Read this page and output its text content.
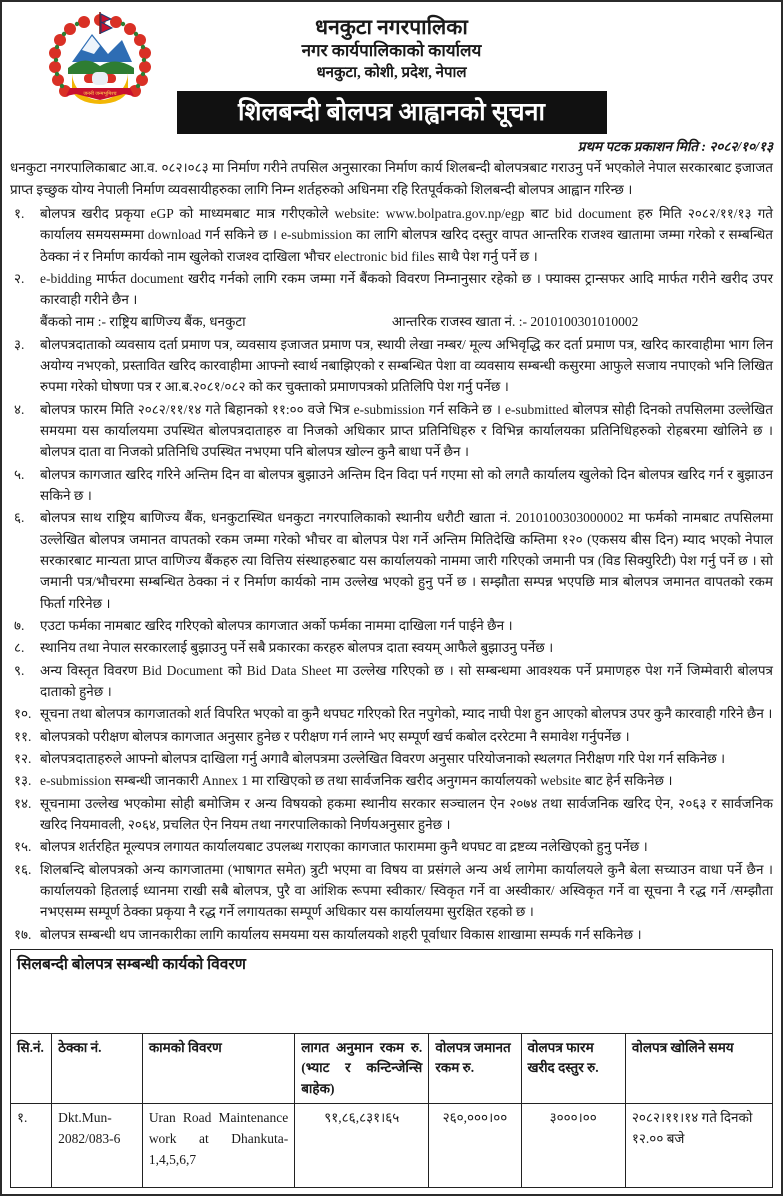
जननी जन्मभूमिश्च
धनकुटा नगरपालिका
नगर कार्यपालिकाको कार्यालय
धनकुटा, कोशी, प्रदेश, नेपाल
शिलबन्दी बोलपत्र आह्वानको सूचना
प्रथम पटक प्रकाशन मिति : २०८२/१०/१३
धनकुटा नगरपालिकाबाट आ.व. ०८२।०८३ मा निर्माण गरीने तपसिल अनुसारका निर्माण कार्य शिलबन्दी बोलपत्रबाट गराउनु पर्ने भएकोले नेपाल सरकारबाट इजाजत प्राप्त इच्छुक योग्य नेपाली निर्माण व्यवसायीहरुका लागि निम्न शर्तहरुको अधिनमा रहि रितपूर्वकको शिलबन्दी बोलपत्र आह्वान गरिन्छ ।
१.	बोलपत्र खरीद प्रकृया eGP को माध्यमबाट मात्र गरीएकोले website: www.bolpatra.gov.np/egp बाट bid document हरु मिति २०८२/११/१३ गते कार्यालय समयसम्ममा download गर्न सकिने छ । e-submission का लागि बोलपत्र खरिद दस्तुर वापत आन्तरिक राजश्व खातामा जम्मा गरेको र सम्बन्धित ठेक्का नं र निर्माण कार्यको नाम खुलेको राजश्व दाखिला भौचर electronic bid files साथै पेश गर्नु पर्ने छ ।
२.	e-bidding मार्फत document खरीद गर्नको लागि रकम जम्मा गर्ने बैंकको विवरण निम्नानुसार रहेको छ । फ्याक्स ट्रान्सफर आदि मार्फत गरीने खरीद उपर कारवाही गरीने छैन ।
बैंकको नाम :- राष्ट्रिय बाणिज्य बैंक, धनकुटा	आन्तरिक राजस्व खाता नं. :- 2010100301010002
३.	बोलपत्रदाताको व्यवसाय दर्ता प्रमाण पत्र, व्यवसाय इजाजत प्रमाण पत्र, स्थायी लेखा नम्बर/ मूल्य अभिवृद्धि कर दर्ता प्रमाण पत्र, खरिद कारवाहीमा भाग लिन अयोग्य नभएको, प्रस्तावित खरिद कारवाहीमा आफ्नो स्वार्थ नबाझिएको र सम्बन्धित पेशा वा व्यवसाय सम्बन्धी कसुरमा आफुले सजाय नपाएको भनि लिखित रुपमा गरेको घोषणा पत्र र आ.ब.२०८१/०८२ को कर चुक्ताको प्रमाणपत्रको प्रतिलिपि पेश गर्नु पर्नेछ ।
४.	बोलपत्र फारम मिति २०८२/११/१४ गते बिहानको ११:०० वजे भित्र e-submission गर्न सकिने छ । e-submitted बोलपत्र सोही दिनको तपसिलमा उल्लेखित समयमा यस कार्यालयमा उपस्थित बोलपत्रदाताहरु वा निजको अधिकार प्राप्त प्रतिनिधिहरु र विभिन्न कार्यालयका प्रतिनिधिहरुको रोहबरमा खोलिने छ । बोलपत्र दाता वा निजको प्रतिनिधि उपस्थित नभएमा पनि बोलपत्र खोल्न कुनै बाधा पर्ने छैन ।
५.	बोलपत्र कागजात खरिद गरिने अन्तिम दिन वा बोलपत्र बुझाउने अन्तिम दिन विदा पर्न गएमा सो को लगतै कार्यालय खुलेको दिन बोलपत्र खरिद गर्न र बुझाउन सकिने छ ।
६.	बोलपत्र साथ राष्ट्रिय बाणिज्य बैंक, धनकुटास्थित धनकुटा नगरपालिकाको स्थानीय धरौटी खाता नं. 2010100303000002 मा फर्मको नामबाट तपसिलमा उल्लेखित बोलपत्र जमानत वापतको रकम जम्मा गरेको भौचर वा बोलपत्र पेश गर्ने अन्तिम मितिदेखि कम्तिमा १२० (एकसय बीस दिन) म्याद भएको नेपाल सरकारबाट मान्यता प्राप्त वाणिज्य बैंकहरु त्या वित्तिय संस्थाहरुबाट यस कार्यालयको नाममा जारी गरिएको जमानी पत्र (विड सिक्युरिटी) पेश गर्नु पर्ने छ । सो जमानी पत्र/भौचरमा सम्बन्धित ठेक्का नं र निर्माण कार्यको नाम उल्लेख भएको हुनु पर्ने छ । सम्झौता सम्पन्न भएपछि मात्र बोलपत्र जमानत वापतको रकम फिर्ता गरिनेछ ।
७.	एउटा फर्मका नामबाट खरिद गरिएको बोलपत्र कागजात अर्को फर्मका नाममा दाखिला गर्न पाईने छैन ।
८.	स्थानिय तथा नेपाल सरकारलाई बुझाउनु पर्ने सबै प्रकारका करहरु बोलपत्र दाता स्वयम् आफैले बुझाउनु पर्नेछ ।
९.	अन्य विस्तृत विवरण Bid Document को Bid Data Sheet मा उल्लेख गरिएको छ । सो सम्बन्धमा आवश्यक पर्ने प्रमाणहरु पेश गर्ने जिम्मेवारी बोलपत्र दाताको हुनेछ ।
१०. सूचना तथा बोलपत्र कागजातको शर्त विपरित भएको वा कुनै थपघट गरिएको रित नपुगेको, म्याद नाघी पेश हुन आएको बोलपत्र उपर कुनै कारवाही गरिने छैन ।
११. बोलपत्रको परीक्षण बोलपत्र कागजात अनुसार हुनेछ र परीक्षण गर्न लाग्ने भए सम्पूर्ण खर्च कबोल दररेटमा नै समावेश गर्नुपर्नेछ ।
१२. बोलपत्रदाताहरुले आफ्नो बोलपत्र दाखिला गर्नु अगावै बोलपत्रमा उल्लेखित विवरण अनुसार परियोजनाको स्थलगत निरीक्षण गरि पेश गर्न सकिनेछ ।
१३. e-submission सम्बन्धी जानकारी Annex 1 मा राखिएको छ तथा सार्वजनिक खरीद अनुगमन कार्यालयको website बाट हेर्न सकिनेछ ।
१४. सूचनामा उल्लेख भएकोमा सोही बमोजिम र अन्य विषयको हकमा स्थानीय सरकार सञ्चालन ऐन २०७४ तथा सार्वजनिक खरिद ऐन, २०६३ र सार्वजनिक खरिद नियमावली, २०६४, प्रचलित ऐन नियम तथा नगरपालिकाको निर्णयअनुसार हुनेछ ।
१५. बोलपत्र शर्तरहित मूल्यपत्र लगायत कार्यालयबाट उपलब्ध गराएका कागजात फाराममा कुनै थपघट वा द्रष्टव्य नलेखिएको हुनु पर्नेछ ।
१६. शिलबन्दि बोलपत्रको अन्य कागजातमा (भाषागत समेत) त्रुटी भएमा वा विषय वा प्रसंगले अन्य अर्थ लागेमा कार्यालयले कुनै बेला सच्याउन वाधा पर्ने छैन । कार्यालयको हितलाई ध्यानमा राखी सबै बोलपत्र, पुरै वा आंशिक रूपमा स्वीकार/ स्विकृत गर्ने वा अस्वीकार/ अस्विकृत गर्ने वा सूचना नै रद्ध गर्ने /सम्झौता नभएसम्म सम्पूर्ण ठेक्का प्रकृया नै रद्ध गर्ने लगायतका सम्पूर्ण अधिकार यस कार्यालयमा सुरक्षित रहको छ ।
१७. बोलपत्र सम्बन्धी थप जानकारीका लागि कार्यालय समयमा यस कार्यालयको शहरी पूर्वाधार विकास शाखामा सम्पर्क गर्न सकिनेछ ।
सिलबन्दी बोलपत्र सम्बन्धी कार्यको विवरण						
सि.नं.	ठेक्का नं.	कामको विवरण	लागत अनुमान रकम रु. (भ्याट र कन्टिन्जेन्सि बाहेक)	वोलपत्र जमानत रकम रु.	वोलपत्र फारम खरीद दस्तुर रु.	वोलपत्र खोलिने समय
१.	Dkt.Mun-2082/083-6	Uran Road Maintenance work at Dhankuta-1,4,5,6,7	९१,८६,८३१।६५	२६०,०००।००	३०००।००	२०८२।११।१४ गते दिनको १२.०० बजे
